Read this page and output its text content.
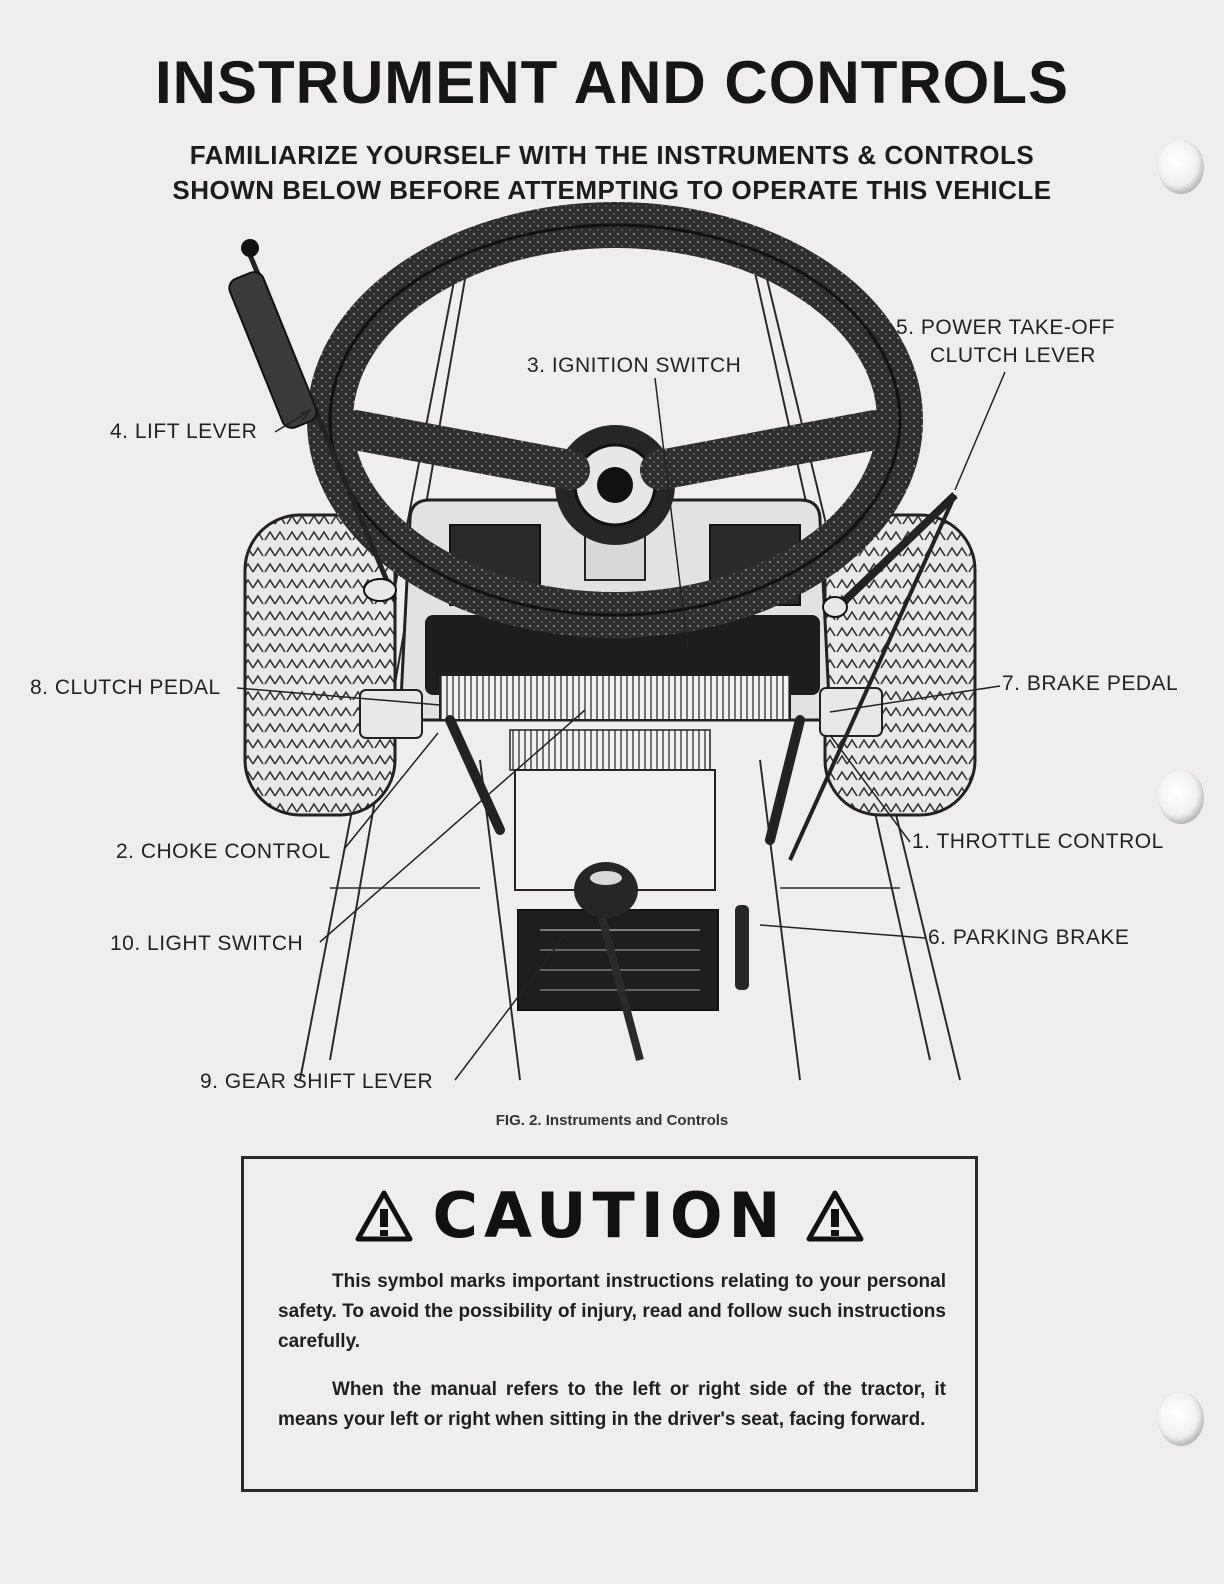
INSTRUMENT AND CONTROLS
FAMILIARIZE YOURSELF WITH THE INSTRUMENTS & CONTROLS
SHOWN BELOW BEFORE ATTEMPTING TO OPERATE THIS VEHICLE
4. LIFT LEVER
3. IGNITION SWITCH
5. POWER TAKE-OFF
CLUTCH LEVER
8. CLUTCH PEDAL	7. BRAKE PEDAL
2. CHOKE CONTROL	1. THROTTLE CONTROL
10. LIGHT SWITCH	6. PARKING BRAKE
9. GEAR SHIFT LEVER
FIG. 2. Instruments and Controls
CAUTION
This symbol marks important instructions relating to your personal safety. To avoid the possibility of injury, read and follow such instructions carefully.
When the manual refers to the left or right side of the tractor, it means your left or right when sitting in the driver's seat, facing forward.
